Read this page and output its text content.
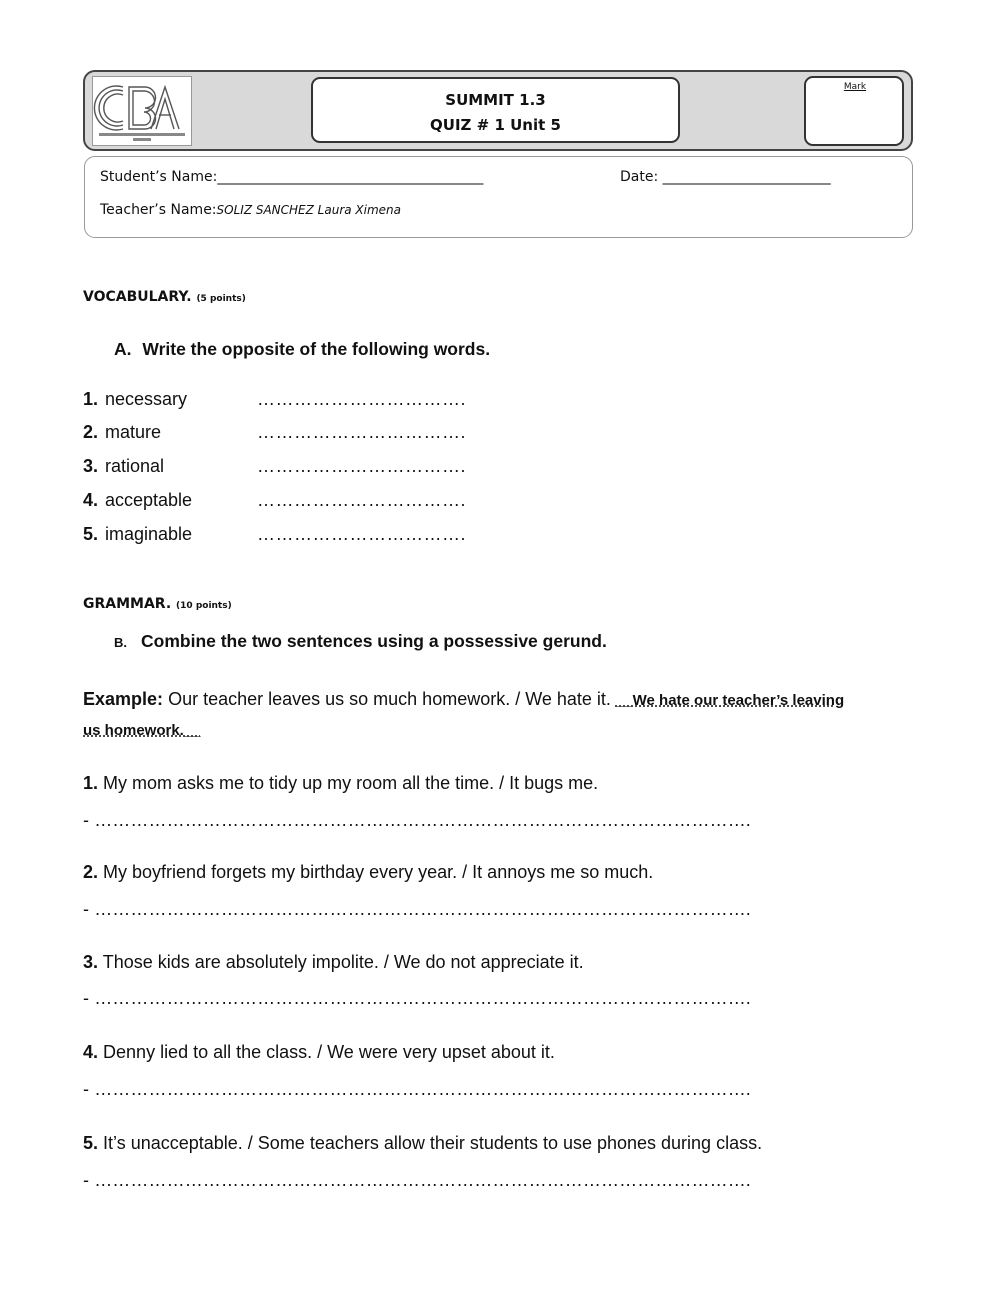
SUMMIT 1.3
QUIZ # 1 Unit 5
Mark
Student’s Name:______________________________________	Date: ________________________
Teacher’s Name:SOLIZ SANCHEZ Laura Ximena
VOCABULARY. (5 points)
A. Write the opposite of the following words.
1. necessary	…………………………….
2. mature	…………………………….
3. rational	…………………………….
4. acceptable	…………………………….
5. imaginable	…………………………….
GRAMMAR. (10 points)
B. Combine the two sentences using a possessive gerund.
Example: Our teacher leaves us so much homework. / We hate it. __We hate our teacher’s leaving
us homework.__
1. My mom asks me to tidy up my room all the time. / It bugs me.
- ……………………………………………………………………………………………….
2. My boyfriend forgets my birthday every year. / It annoys me so much.
- ……………………………………………………………………………………………….
3. Those kids are absolutely impolite. / We do not appreciate it.
- ……………………………………………………………………………………………….
4. Denny lied to all the class. / We were very upset about it.
- ……………………………………………………………………………………………….
5. It’s unacceptable. / Some teachers allow their students to use phones during class.
- ……………………………………………………………………………………………….
